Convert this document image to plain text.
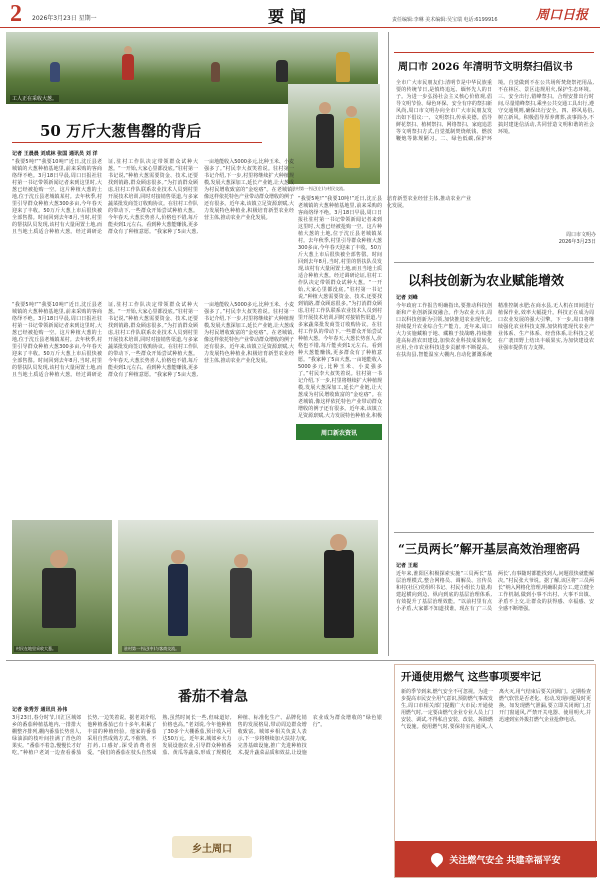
2 2026年3月23日 星期一	要闻	责任编辑:李琳 美术编辑:吴宝瑞 电话:6199916	周口日报
工人正在采收大葱。
50 万斤大葱售罄的背后
驻村第一书记(左)与村民交流。
记者 王晨晨 刘成林 张国 通讯员 刘 洋
“我要5吨!”“我要10吨!”近日,沈丘县老城镇的大葱种植基地里,前来采购的客商络绎不绝。3月18日早晨,周口日报社驻村第一书记带领新闻记者来到这里时,大葱已经被抢购一空。这片种植大葱的土地,位于沈丘县老城镇某村。去年秋季,村里引导群众种植大葱300多亩,今年春天迎来了丰收。50万斤大葱上市后很快被全部售罄。时间回到去年8月,当时,村里的帮扶队员发现,该村有大量闲置土地,而且当地土质适合种植大葱。经过调研论证,驻村工作队决定带领群众试种大葱。“一开始,大家心里都没底。”驻村第一书记说,“种植大葱需要资金、技术,还要找到销路,群众顾虑很多。”为打消群众顾虑,驻村工作队联系农业技术人员到村里开展技术培训,同时对接销售渠道,与多家蔬菜批发商签订收购协议。在驻村工作队的带动下,一些群众开始尝试种植大葱。今年春天,大葱长势喜人,价格也不错,每斤能卖到1元左右。看到种大葱能赚钱,更多群众有了种植意愿。“我家种了5亩大葱,一亩地能收入5000多元,比种玉米、小麦强多了。”村民李大叔笑着说。驻村第一书记介绍,下一步,村里将继续扩大种植规模,发展大葱深加工,延长产业链,让大葱成为村民增收致富的“金疙瘩”。在老城镇,像这样依托特色产业带动群众增收的例子还有很多。近年来,该镇立足资源禀赋,大力发展特色种植业,积极培育新型农业经营主体,推动农业产业化发展。
“我要5吨!”“我要10吨!”近日,沈丘县老城镇的大葱种植基地里,前来采购的客商络绎不绝。3月18日早晨,周口日报社驻村第一书记带领新闻记者来到这里时,大葱已经被抢购一空。这片种植大葱的土地,位于沈丘县老城镇某村。去年秋季,村里引导群众种植大葱300多亩,今年春天迎来了丰收。50万斤大葱上市后很快被全部售罄。时间回到去年8月,当时,村里的帮扶队员发现,该村有大量闲置土地,而且当地土质适合种植大葱。经过调研论证,驻村工作队决定带领群众试种大葱。“一开始,大家心里都没底。”驻村第一书记说,“种植大葱需要资金、技术,还要找到销路,群众顾虑很多。”为打消群众顾虑,驻村工作队联系农业技术人员到村里开展技术培训,同时对接销售渠道,与多家蔬菜批发商签订收购协议。在驻村工作队的带动下,一些群众开始尝试种植大葱。今年春天,大葱长势喜人,价格也不错,每斤能卖到1元左右。看到种大葱能赚钱,更多群众有了种植意愿。“我家种了5亩大葱,一亩地能收入5000多元,比种玉米、小麦强多了。”村民李大叔笑着说。驻村第一书记介绍,下一步,村里将继续扩大种植规模,发展大葱深加工,延长产业链,让大葱成为村民增收致富的“金疙瘩”。在老城镇,像这样依托特色产业带动群众增收的例子还有很多。近年来,该镇立足资源禀赋,大力发展特色种植业,积极培育新型农业经营主体,推动农业产业化发展。
“我要5吨!”“我要10吨!”近日,沈丘县老城镇的大葱种植基地里,前来采购的客商络绎不绝。3月18日早晨,周口日报社驻村第一书记带领新闻记者来到这里时,大葱已经被抢购一空。这片种植大葱的土地,位于沈丘县老城镇某村。去年秋季,村里引导群众种植大葱300多亩,今年春天迎来了丰收。50万斤大葱上市后很快被全部售罄。时间回到去年8月,当时,村里的帮扶队员发现,该村有大量闲置土地,而且当地土质适合种植大葱。经过调研论证,驻村工作队决定带领群众试种大葱。“一开始,大家心里都没底。”驻村第一书记说,“种植大葱需要资金、技术,还要找到销路,群众顾虑很多。”为打消群众顾虑,驻村工作队联系农业技术人员到村里开展技术培训,同时对接销售渠道,与多家蔬菜批发商签订收购协议。在驻村工作队的带动下,一些群众开始尝试种植大葱。今年春天,大葱长势喜人,价格也不错,每斤能卖到1元左右。看到种大葱能赚钱,更多群众有了种植意愿。“我家种了5亩大葱,一亩地能收入5000多元,比种玉米、小麦强多了。”村民李大叔笑着说。驻村第一书记介绍,下一步,村里将继续扩大种植规模,发展大葱深加工,延长产业链,让大葱成为村民增收致富的“金疙瘩”。在老城镇,像这样依托特色产业带动群众增收的例子还有很多。近年来,该镇立足资源禀赋,大力发展特色种植业,积极培育新型农业经营主体,推动农业产业化发展。
周口新农资讯
村民在地里采收大葱。	驻村第一书记(中)与客商交流。
周口市 2026 年清明节文明祭扫倡议书
全市广大市民朋友们:清明节是中华民族重要的传统节日,是慎终追远、缅怀先人的日子。为进一步弘扬社会主义核心价值观,倡导文明节俭、绿色环保、安全有序的祭扫新风尚,周口市文明办向全市广大市民朋友发出如下倡议:一、文明祭扫,传承美德。倡导鲜花祭扫、植树祭扫、网络祭扫、家庭追思等文明祭扫方式,自觉抵制焚烧纸钱、燃放鞭炮等陈规陋习。二、绿色低碳,保护环境。自觉做到不在公共场所焚烧祭祀用品,不在林区、景区违规用火,保护生态环境。三、安全出行,错峰祭扫。合理安排出行时间,尽量错峰祭扫,乘坐公共交通工具出行,遵守交通规则,确保出行安全。四、移风易俗,树立新风。积极倡导厚养薄葬,丧事简办,不搞封建迷信活动,共同营造文明和谐的社会环境。
周口市文明办
2026年3月23日
以科技创新为农业赋能增效
记者 刘峰
今年政府工作报告明确指出,要推动科技创新和产业创新深度融合。作为农业大市,周口以科技创新为引领,加快推进农业现代化,持续提升农业综合生产能力。近年来,周口大力实施藏粮于地、藏粮于技战略,持续推进高标准农田建设,加快农业科技成果转化应用,全市农业科技进步贡献率不断提高。在扶沟县,智能温室大棚内,自动化灌溉系统精准控制水肥;在商水县,无人机在田间进行植保作业,效率大幅提升。科技正在成为周口农业发展的强大引擎。下一步,周口将继续强化农业科技支撑,加快构建现代农业产业体系、生产体系、经营体系,让科技之花在广袤田野上结出丰硕果实,为加快建设农业强市提供有力支撑。
“三员两长”解开基层高效治理密码
记者 王超
近年来,淮阳区积极探索实施“三员两长”基层治理模式,整合网格员、调解员、宣传员和村(社区)党组织书记、村民小组长力量,构建起横向到边、纵向到底的基层治理体系,有效提升了基层治理效能。“以前村里有点小矛盾,大家都不知道找谁。现在有了‘三员两长’,有事随时都能找到人,问题很快就能解决。”村民张大爷说。据了解,该区将“三员两长”纳入网格化管理,明确职责分工,建立健全工作机制,做到小事不出村、大事不出镇、矛盾不上交,让群众的获得感、幸福感、安全感不断增强。
番茄不着急
记者 张秀芳 通讯员 孙伟
3月23日,春分时节,川汇区城郊乡的番茄种植基地内,一排排大棚整齐排列,棚内番茄长势喜人,绿油油的枝叶间挂满了青色的果实。“番茄不着急,慢慢长才好吃。”种植户老刘一边查看番茄长势,一边笑着说。据老刘介绍,他种植番茄已有十多年,积累了丰富的种植经验。他家的番茄采用自然成熟方式,不催熟、不打药,口感好,深受消费者喜爱。“我们的番茄在枝头自然成熟,虽然时间长一些,但味道好,价格也高。”老刘说,今年他种植了30多个大棚番茄,预计收入可达50万元。近年来,城郊乡大力发展设施农业,引导群众种植番茄、黄瓜等蔬菜,形成了规模化种植、标准化生产、品牌化销售的发展格局,带动周边群众增收致富。城郊乡相关负责人表示,下一步将继续加大扶持力度,完善基础设施,推广先进种植技术,提升蔬菜品质和效益,让设施农业成为群众增收的“绿色银行”。
乡土周口
开通使用燃气 这些事项要牢记
新的季节到来,燃气安全不可忽视。为进一步提高市民安全用气意识,预防燃气事故发生,周口市相关部门提醒广大市民:开通使用燃气时,一定要由燃气企业专业人员上门安装、调试,不得私自安装、改装、拆除燃气设施。使用燃气时,要保持室内通风,人离火灭,用气结束后要关闭阀门。定期检查燃气软管是否老化、松动,发现问题及时更换。如发现燃气泄漏,要立即关闭阀门,打开门窗通风,严禁开关电器、使用明火,并迅速到室外拨打燃气企业抢修电话。
关注燃气安全 共建幸福平安
